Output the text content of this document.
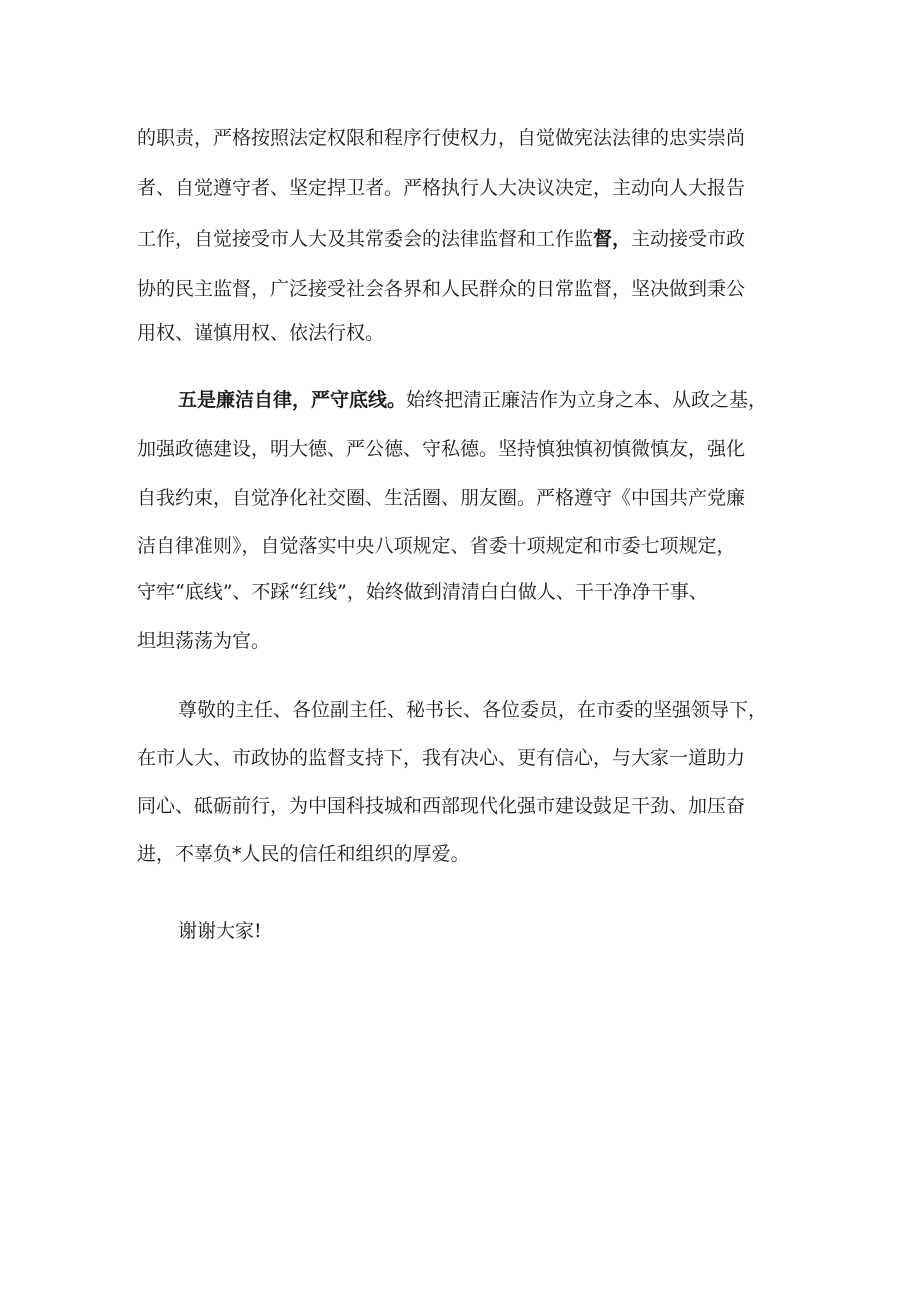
的职责，严格按照法定权限和程序行使权力，自觉做宪法法律的忠实崇尚
者、自觉遵守者、坚定捍卫者。严格执行人大决议决定，主动向人大报告
工作，自觉接受市人大及其常委会的法律监督和工作监督，主动接受市政
协的民主监督，广泛接受社会各界和人民群众的日常监督，坚决做到秉公
用权、谨慎用权、依法行权。
五是廉洁自律，严守底线。始终把清正廉洁作为立身之本、从政之基，
加强政德建设，明大德、严公德、守私德。坚持慎独慎初慎微慎友，强化
自我约束，自觉净化社交圈、生活圈、朋友圈。严格遵守《中国共产党廉
洁自律准则》，自觉落实中央八项规定、省委十项规定和市委七项规定，
守牢“底线”、不踩“红线”，始终做到清清白白做人、干干净净干事、
坦坦荡荡为官。
尊敬的主任、各位副主任、秘书长、各位委员，在市委的坚强领导下，
在市人大、市政协的监督支持下，我有决心、更有信心，与大家一道助力
同心、砥砺前行，为中国科技城和西部现代化强市建设鼓足干劲、加压奋
进，不辜负*人民的信任和组织的厚爱。
谢谢大家!
